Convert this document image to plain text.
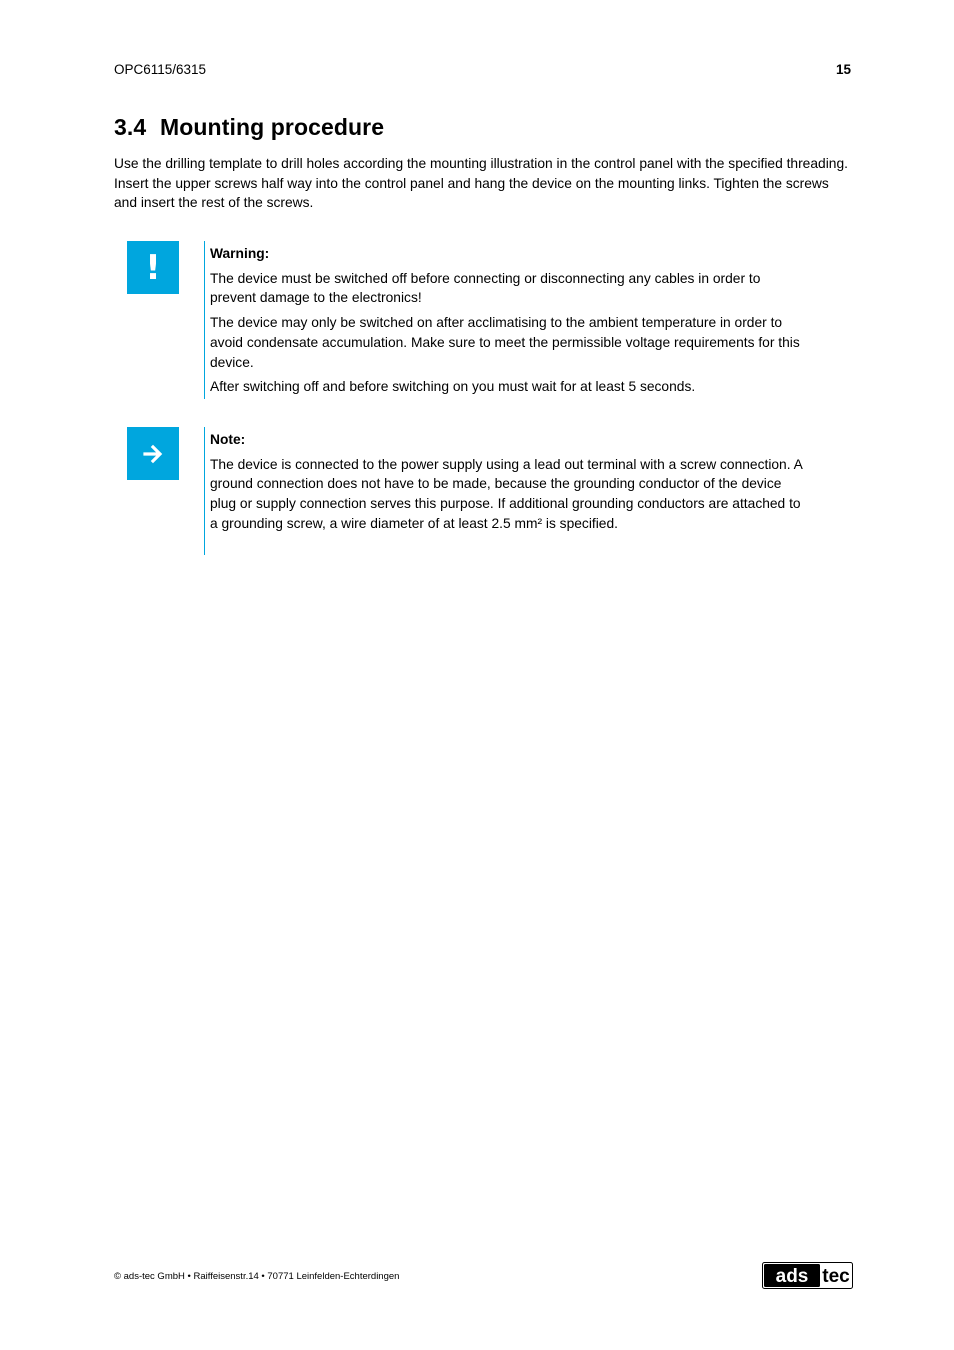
OPC6115/6315	15
3.4 Mounting procedure

Use the drilling template to drill holes according the mounting illustration in the control panel with the specified threading. Insert the upper screws half way into the control panel and hang the device on the mounting links. Tighten the screws and insert the rest of the screws.

!	Warning:

The device must be switched off before connecting or disconnecting any cables in order to prevent damage to the electronics!

The device may only be switched on after acclimatising to the ambient temperature in order to avoid condensate accumulation. Make sure to meet the permissible voltage requirements for this device.

After switching off and before switching on you must wait for at least 5 seconds.

Note:

The device is connected to the power supply using a lead out terminal with a screw connection. A ground connection does not have to be made, because the grounding conductor of the device plug or supply connection serves this purpose. If additional grounding conductors are attached to a grounding screw, a wire diameter of at least 2.5 mm² is specified.

© ads-tec GmbH • Raiffeisenstr.14 • 70771 Leinfelden-Echterdingen	ads tec
